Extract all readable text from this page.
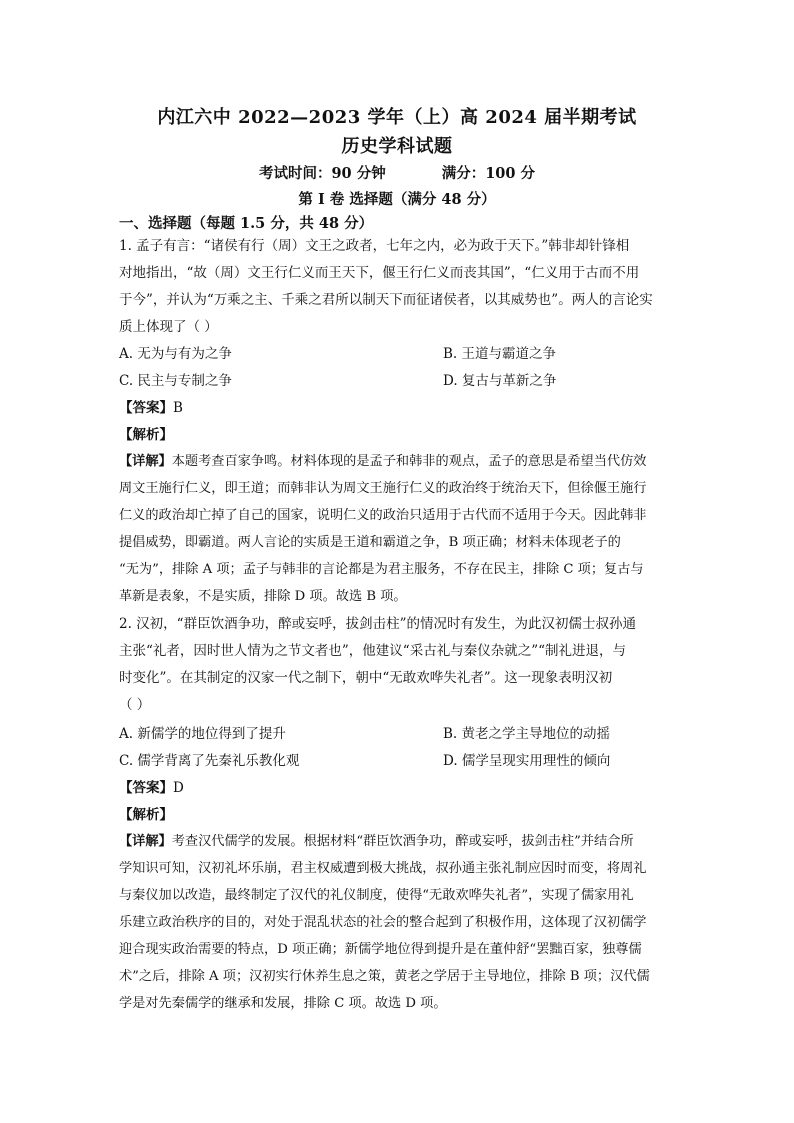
内江六中 2022—2023 学年（上）高 2024 届半期考试
历史学科试题
考试时间：90 分钟	满分：100 分
第 Ⅰ 卷 选择题（满分 48 分）
一、选择题（每题 1.5 分，共 48 分）
1. 孟子有言：“诸侯有行（周）文王之政者，七年之内，必为政于天下。”韩非却针锋相
对地指出，“故（周）文王行仁义而王天下，偃王行仁义而丧其国”，“仁义用于古而不用
于今”，并认为“万乘之主、千乘之君所以制天下而征诸侯者，以其威势也”。两人的言论实
质上体现了（ ）
A. 无为与有为之争	B. 王道与霸道之争
C. 民主与专制之争	D. 复古与革新之争
【答案】B
【解析】
【详解】本题考查百家争鸣。材料体现的是孟子和韩非的观点，孟子的意思是希望当代仿效
周文王施行仁义，即王道；而韩非认为周文王施行仁义的政治终于统治天下，但徐偃王施行
仁义的政治却亡掉了自己的国家，说明仁义的政治只适用于古代而不适用于今天。因此韩非
提倡威势，即霸道。两人言论的实质是王道和霸道之争，B 项正确；材料未体现老子的
“无为”，排除 A 项；孟子与韩非的言论都是为君主服务，不存在民主，排除 C 项；复古与
革新是表象，不是实质，排除 D 项。故选 B 项。
2. 汉初，“群臣饮酒争功，醉或妄呼，拔剑击柱”的情况时有发生，为此汉初儒士叔孙通
主张“礼者，因时世人情为之节文者也”，他建议“采古礼与秦仪杂就之”“制礼进退，与
时变化”。在其制定的汉家一代之制下，朝中“无敢欢哗失礼者”。这一现象表明汉初
（ ）
A. 新儒学的地位得到了提升	B. 黄老之学主导地位的动摇
C. 儒学背离了先秦礼乐教化观	D. 儒学呈现实用理性的倾向
【答案】D
【解析】
【详解】考查汉代儒学的发展。根据材料“群臣饮酒争功，醉或妄呼，拔剑击柱”并结合所
学知识可知，汉初礼坏乐崩，君主权威遭到极大挑战，叔孙通主张礼制应因时而变，将周礼
与秦仪加以改造，最终制定了汉代的礼仪制度，使得“无敢欢哗失礼者”，实现了儒家用礼
乐建立政治秩序的目的，对处于混乱状态的社会的整合起到了积极作用，这体现了汉初儒学
迎合现实政治需要的特点，D 项正确；新儒学地位得到提升是在董仲舒“罢黜百家，独尊儒
术”之后，排除 A 项；汉初实行休养生息之策，黄老之学居于主导地位，排除 B 项；汉代儒
学是对先秦儒学的继承和发展，排除 C 项。故选 D 项。
